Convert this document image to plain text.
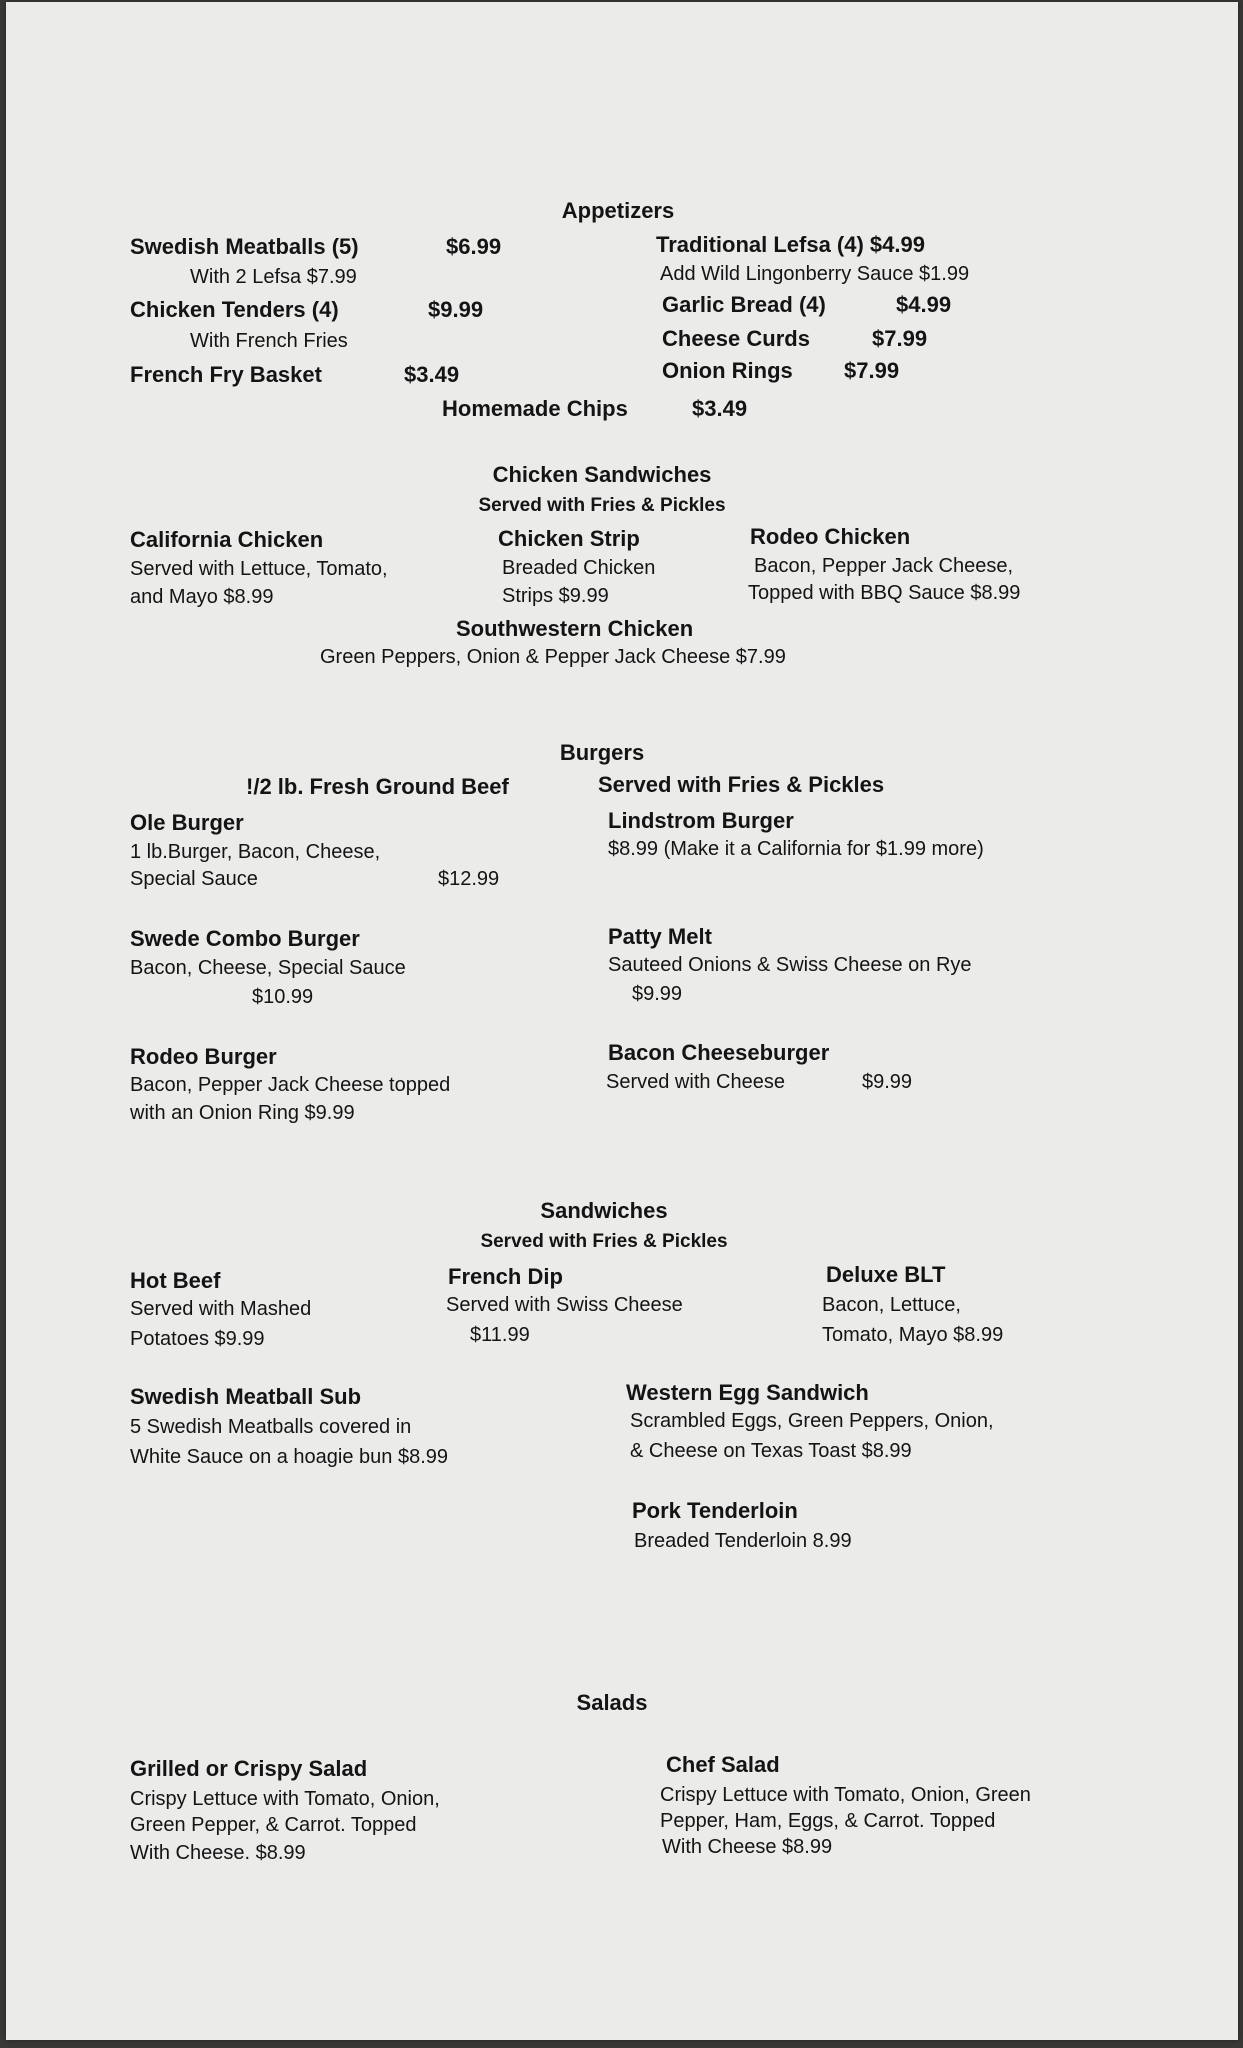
Appetizers
Swedish Meatballs (5)	$6.99
With 2 Lefsa $7.99
Chicken Tenders (4)	$9.99
With French Fries
French Fry Basket	$3.49
Traditional Lefsa (4) $4.99
Add Wild Lingonberry Sauce $1.99
Garlic Bread (4)	$4.99
Cheese Curds	$7.99
Onion Rings $7.99
Homemade Chips	$3.49
Chicken Sandwiches
Served with Fries & Pickles
California Chicken
Served with Lettuce, Tomato,
and Mayo $8.99
Chicken Strip
Breaded Chicken
Strips $9.99
Rodeo Chicken
Bacon, Pepper Jack Cheese,
Topped with BBQ Sauce $8.99
Southwestern Chicken
Green Peppers, Onion & Pepper Jack Cheese $7.99
Burgers
!/2 lb. Fresh Ground Beef	Served with Fries & Pickles
Ole Burger
1 lb.Burger, Bacon, Cheese,
Special Sauce	$12.99
Lindstrom Burger
$8.99 (Make it a California for $1.99 more)
Swede Combo Burger
Bacon, Cheese, Special Sauce
$10.99
Patty Melt
Sauteed Onions & Swiss Cheese on Rye
$9.99
Rodeo Burger
Bacon, Pepper Jack Cheese topped
with an Onion Ring $9.99
Bacon Cheeseburger
Served with Cheese	$9.99
Sandwiches
Served with Fries & Pickles
Hot Beef
Served with Mashed
Potatoes $9.99
French Dip
Served with Swiss Cheese
$11.99
Deluxe BLT
Bacon, Lettuce,
Tomato, Mayo $8.99
Swedish Meatball Sub
5 Swedish Meatballs covered in
White Sauce on a hoagie bun $8.99
Western Egg Sandwich
Scrambled Eggs, Green Peppers, Onion,
& Cheese on Texas Toast $8.99
Pork Tenderloin
Breaded Tenderloin 8.99
Salads
Grilled or Crispy Salad
Crispy Lettuce with Tomato, Onion,
Green Pepper, & Carrot. Topped
With Cheese. $8.99
Chef Salad
Crispy Lettuce with Tomato, Onion, Green
Pepper, Ham, Eggs, & Carrot. Topped
With Cheese $8.99
